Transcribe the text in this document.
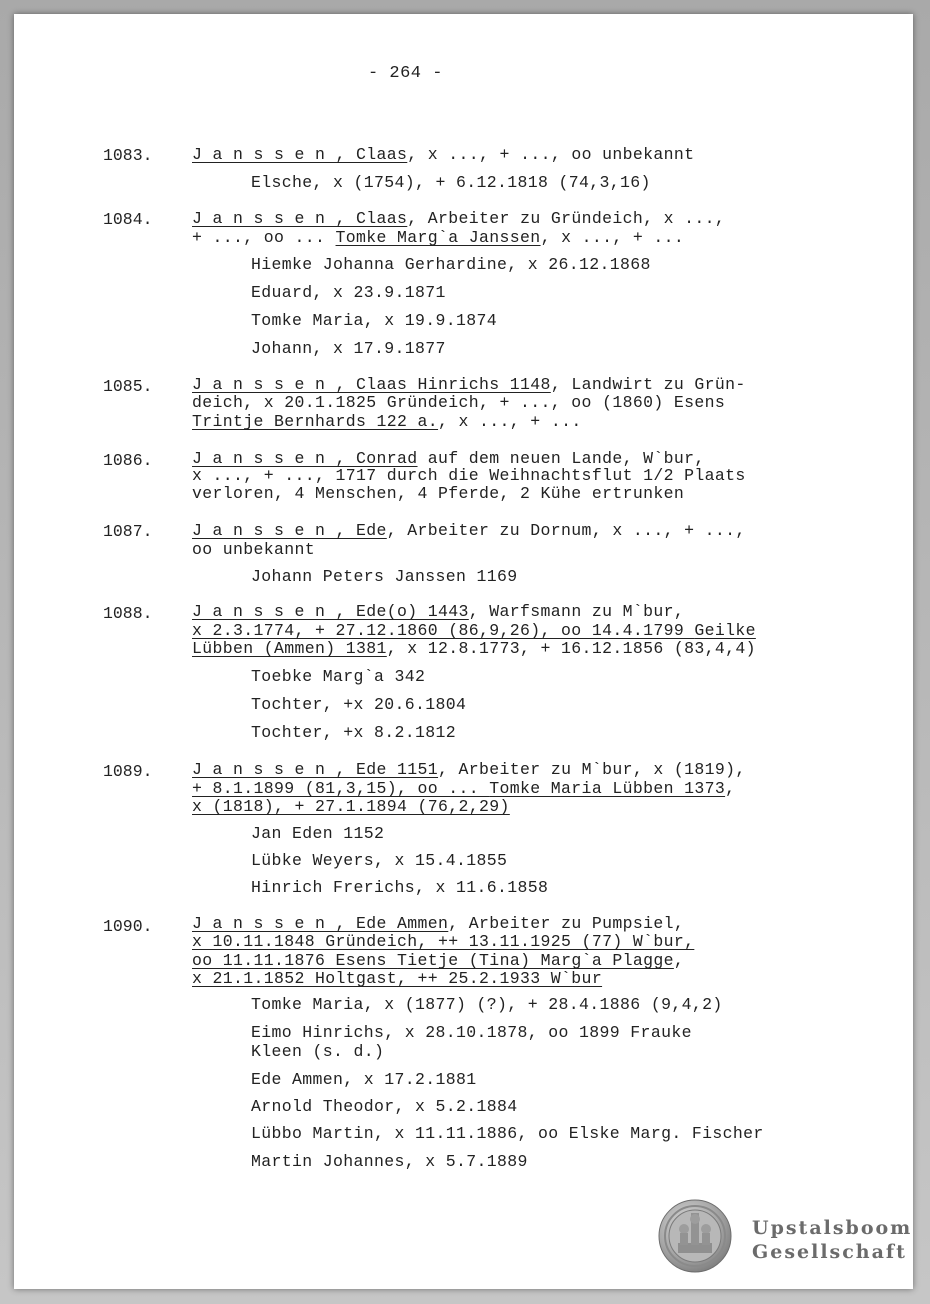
- 264 -
1083.	J a n s s e n , Claas, x ..., + ..., oo unbekannt
Elsche, x (1754), + 6.12.1818 (74,3,16)
1084.	J a n s s e n , Claas, Arbeiter zu Gründeich, x ...,
+ ..., oo ... Tomke Marg`a Janssen, x ..., + ...
Hiemke Johanna Gerhardine, x 26.12.1868
Eduard, x 23.9.1871
Tomke Maria, x 19.9.1874
Johann, x 17.9.1877
1085.	J a n s s e n , Claas Hinrichs 1148, Landwirt zu Grün-
deich, x 20.1.1825 Gründeich, + ..., oo (1860) Esens
Trintje Bernhards 122 a., x ..., + ...
1086.	J a n s s e n , Conrad auf dem neuen Lande, W`bur,
x ..., + ..., 1717 durch die Weihnachtsflut 1/2 Plaats
verloren, 4 Menschen, 4 Pferde, 2 Kühe ertrunken
1087.	J a n s s e n , Ede, Arbeiter zu Dornum, x ..., + ...,
oo unbekannt
Johann Peters Janssen 1169
1088.	J a n s s e n , Ede(o) 1443, Warfsmann zu M`bur,
x 2.3.1774, + 27.12.1860 (86,9,26), oo 14.4.1799 Geilke
Lübben (Ammen) 1381, x 12.8.1773, + 16.12.1856 (83,4,4)
Toebke Marg`a 342
Tochter, +x 20.6.1804
Tochter, +x 8.2.1812
1089.	J a n s s e n , Ede 1151, Arbeiter zu M`bur, x (1819),
+ 8.1.1899 (81,3,15), oo ... Tomke Maria Lübben 1373,
x (1818), + 27.1.1894 (76,2,29)
Jan Eden 1152
Lübke Weyers, x 15.4.1855
Hinrich Frerichs, x 11.6.1858
1090.	J a n s s e n , Ede Ammen, Arbeiter zu Pumpsiel,
x 10.11.1848 Gründeich, ++ 13.11.1925 (77) W`bur,
oo 11.11.1876 Esens Tietje (Tina) Marg`a Plagge,
x 21.1.1852 Holtgast, ++ 25.2.1933 W`bur
Tomke Maria, x (1877) (?), + 28.4.1886 (9,4,2)
Eimo Hinrichs, x 28.10.1878, oo 1899 Frauke
Kleen (s. d.)
Ede Ammen, x 17.2.1881
Arnold Theodor, x 5.2.1884
Lübbo Martin, x 11.11.1886, oo Elske Marg. Fischer
Martin Johannes, x 5.7.1889
Upstalsboom
Gesellschaft
